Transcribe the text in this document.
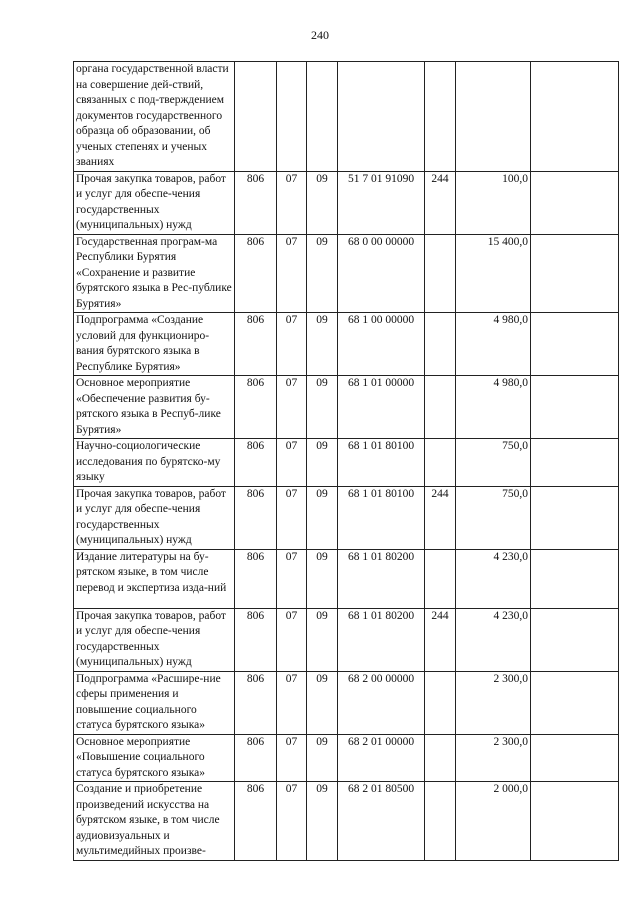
240
органа государственной власти на совершение дей-ствий, связанных с под-тверждением документов государственного образца об образовании, об ученых степенях и ученых званиях							
Прочая закупка товаров, работ и услуг для обеспе-чения государственных (муниципальных) нужд	806	07	09	51 7 01 91090	244	100,0	
Государственная програм-ма Республики Бурятия «Сохранение и развитие бурятского языка в Рес-публике Бурятия»	806	07	09	68 0 00 00000		15 400,0	
Подпрограмма «Создание условий для функциониро-вания бурятского языка в Республике Бурятия»	806	07	09	68 1 00 00000		4 980,0	
Основное мероприятие «Обеспечение развития бу-рятского языка в Респуб-лике Бурятия»	806	07	09	68 1 01 00000		4 980,0	
Научно-социологические исследования по бурятско-му языку	806	07	09	68 1 01 80100		750,0	
Прочая закупка товаров, работ и услуг для обеспе-чения государственных (муниципальных) нужд	806	07	09	68 1 01 80100	244	750,0	
Издание литературы на бу-рятском языке, в том числе перевод и экспертиза изда-ний	806	07	09	68 1 01 80200		4 230,0	
Прочая закупка товаров, работ и услуг для обеспе-чения государственных (муниципальных) нужд	806	07	09	68 1 01 80200	244	4 230,0	
Подпрограмма «Расшире-ние сферы применения и повышение социального статуса бурятского языка»	806	07	09	68 2 00 00000		2 300,0	
Основное мероприятие «Повышение социального статуса бурятского языка»	806	07	09	68 2 01 00000		2 300,0	
Создание и приобретение произведений искусства на бурятском языке, в том числе аудиовизуальных и мультимедийных произве-	806	07	09	68 2 01 80500		2 000,0	
